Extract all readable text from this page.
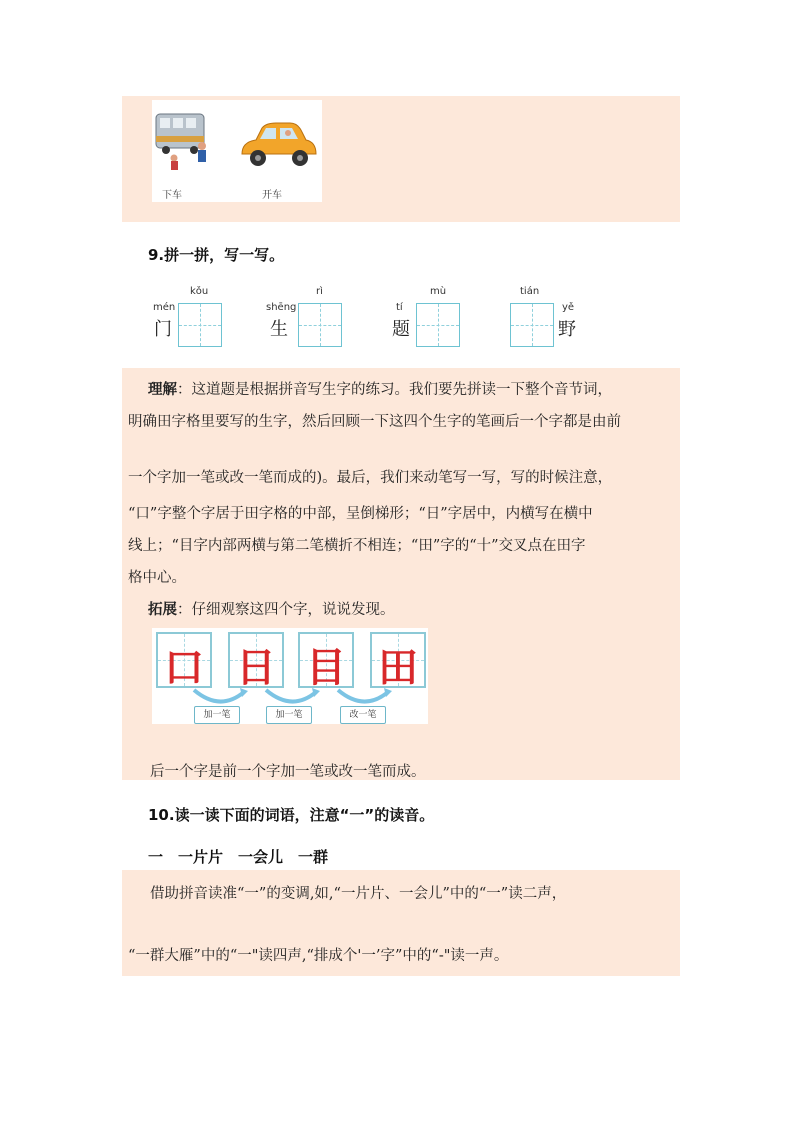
下车	开车
9.拼一拼，写一写。
mén
门
kǒu
shēng
生
rì
tí
题
mù	tián
yě
野
理解：这道题是根据拼音写生字的练习。我们要先拼读一下整个音节词，
明确田字格里要写的生字，然后回顾一下这四个生字的笔画后一个字都是由前
一个字加一笔或改一笔而成的)。最后，我们来动笔写一写，写的时候注意，
“口”字整个字居于田字格的中部，呈倒梯形；“日”字居中，内横写在横中
线上；“目字内部两横与第二笔横折不相连；“田”字的“十”交叉点在田字
格中心。
拓展：仔细观察这四个字，说说发现。
口 日 目 田
加一笔	加一笔	改一笔
后一个字是前一个字加一笔或改一笔而成。
10.读一读下面的词语，注意“一”的读音。
一　一片片　一会儿　一群
借助拼音读准“一”的变调,如,“一片片、一会儿”中的“一”读二声，
“一群大雁”中的“一"读四声,“排成个'一’字”中的“-"读一声。
